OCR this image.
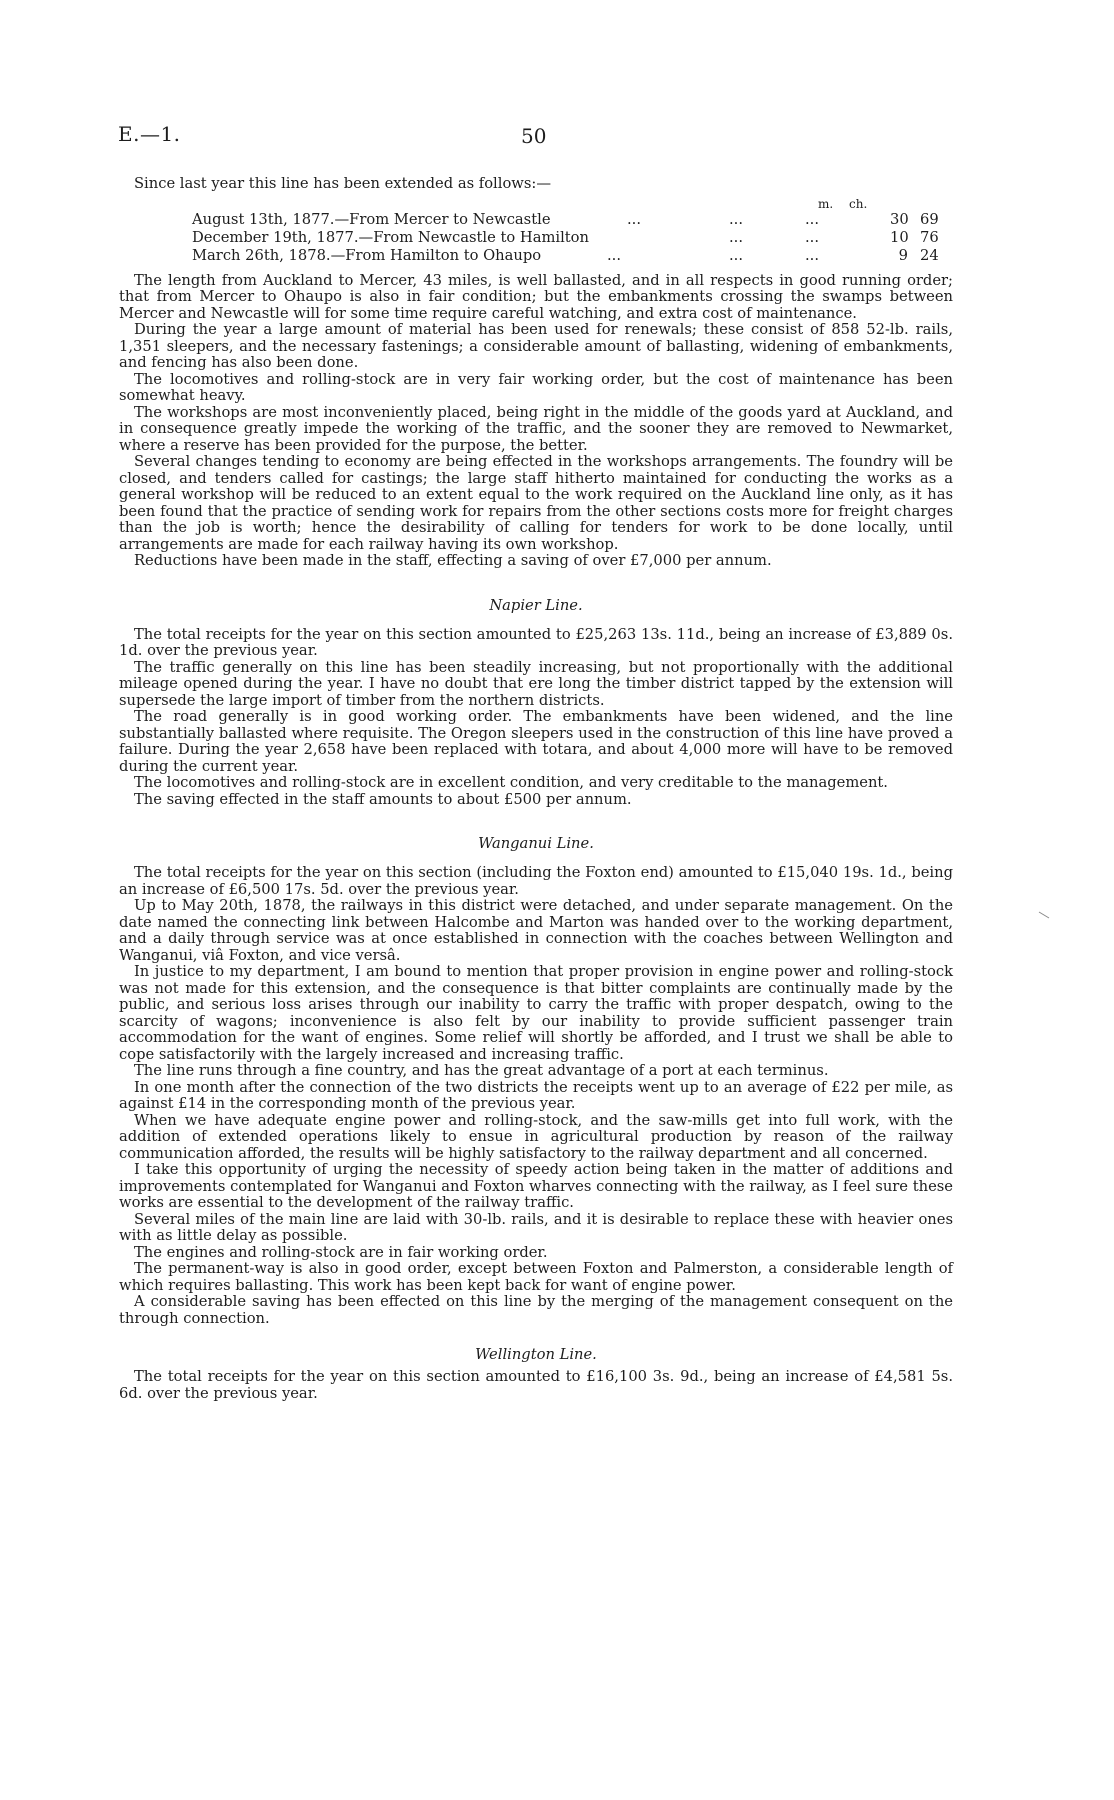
E.—1.	50

Since last year this line has been extended as follows:—

m. ch.
August 13th, 1877.—From Mercer to Newcastle	...	...	...	30 69
December 19th, 1877.—From Newcastle to Hamilton	...	...	10 76
March 26th, 1878.—From Hamilton to Ohaupo	...	...	...	9 24

The length from Auckland to Mercer, 43 miles, is well ballasted, and in all respects in good running order; that from Mercer to Ohaupo is also in fair condition; but the embankments crossing the swamps between Mercer and Newcastle will for some time require careful watching, and extra cost of maintenance.

During the year a large amount of material has been used for renewals; these consist of 858 52-lb. rails, 1,351 sleepers, and the necessary fastenings; a considerable amount of ballasting, widening of embankments, and fencing has also been done.

The locomotives and rolling-stock are in very fair working order, but the cost of maintenance has been somewhat heavy.

The workshops are most inconveniently placed, being right in the middle of the goods yard at Auckland, and in consequence greatly impede the working of the traffic, and the sooner they are removed to Newmarket, where a reserve has been provided for the purpose, the better.

Several changes tending to economy are being effected in the workshops arrangements. The foundry will be closed, and tenders called for castings; the large staff hitherto maintained for conducting the works as a general workshop will be reduced to an extent equal to the work required on the Auckland line only, as it has been found that the practice of sending work for repairs from the other sections costs more for freight charges than the job is worth; hence the desirability of calling for tenders for work to be done locally, until arrangements are made for each railway having its own workshop.

Reductions have been made in the staff, effecting a saving of over £7,000 per annum.

Napier Line.

The total receipts for the year on this section amounted to £25,263 13s. 11d., being an increase of £3,889 0s. 1d. over the previous year.

The traffic generally on this line has been steadily increasing, but not proportionally with the additional mileage opened during the year. I have no doubt that ere long the timber district tapped by the extension will supersede the large import of timber from the northern districts.

The road generally is in good working order. The embankments have been widened, and the line substantially ballasted where requisite. The Oregon sleepers used in the construction of this line have proved a failure. During the year 2,658 have been replaced with totara, and about 4,000 more will have to be removed during the current year.

The locomotives and rolling-stock are in excellent condition, and very creditable to the management.

The saving effected in the staff amounts to about £500 per annum.

Wanganui Line.

The total receipts for the year on this section (including the Foxton end) amounted to £15,040 19s. 1d., being an increase of £6,500 17s. 5d. over the previous year.

Up to May 20th, 1878, the railways in this district were detached, and under separate management. On the date named the connecting link between Halcombe and Marton was handed over to the working department, and a daily through service was at once established in connection with the coaches between Wellington and Wanganui, viâ Foxton, and vice versâ.

In justice to my department, I am bound to mention that proper provision in engine power and rolling-stock was not made for this extension, and the consequence is that bitter complaints are continually made by the public, and serious loss arises through our inability to carry the traffic with proper despatch, owing to the scarcity of wagons; inconvenience is also felt by our inability to provide sufficient passenger train accommodation for the want of engines. Some relief will shortly be afforded, and I trust we shall be able to cope satisfactorily with the largely increased and increasing traffic.

The line runs through a fine country, and has the great advantage of a port at each terminus.

In one month after the connection of the two districts the receipts went up to an average of £22 per mile, as against £14 in the corresponding month of the previous year.

When we have adequate engine power and rolling-stock, and the saw-mills get into full work, with the addition of extended operations likely to ensue in agricultural production by reason of the railway communication afforded, the results will be highly satisfactory to the railway department and all concerned.

I take this opportunity of urging the necessity of speedy action being taken in the matter of additions and improvements contemplated for Wanganui and Foxton wharves connecting with the railway, as I feel sure these works are essential to the development of the railway traffic.

Several miles of the main line are laid with 30-lb. rails, and it is desirable to replace these with heavier ones with as little delay as possible.

The engines and rolling-stock are in fair working order.

The permanent-way is also in good order, except between Foxton and Palmerston, a considerable length of which requires ballasting. This work has been kept back for want of engine power.

A considerable saving has been effected on this line by the merging of the management consequent on the through connection.

Wellington Line.

The total receipts for the year on this section amounted to £16,100 3s. 9d., being an increase of £4,581 5s. 6d. over the previous year.
